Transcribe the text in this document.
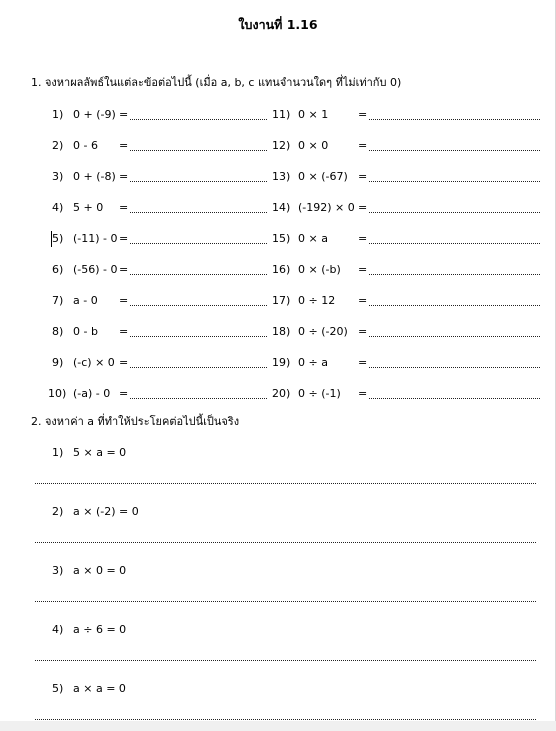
ใบงานที่ 1.16
1. จงหาผลลัพธ์ในแต่ละข้อต่อไปนี้ (เมื่อ a, b, c แทนจำนวนใดๆ ที่ไม่เท่ากับ 0)
1) 0 + (-9) =	11) 0 × 1	=
2) 0 - 6 =	12) 0 × 0	=
3) 0 + (-8) =	13) 0 × (-67) =
4) 5 + 0 =	14) (-192) × 0 =
5) (-11) - 0 =	15) 0 × a	=
6) (-56) - 0 =	16) 0 × (-b) =
7) a - 0 =	17) 0 ÷ 12 =
8) 0 - b =	18) 0 ÷ (-20) =
9) (-c) × 0 =	19) 0 ÷ a	=
10) (-a) - 0 =	20) 0 ÷ (-1) =
2. จงหาค่า a ที่ทำให้ประโยคต่อไปนี้เป็นจริง
1) 5 × a = 0
2) a × (-2) = 0
3) a × 0 = 0
4) a ÷ 6 = 0
5) a × a = 0
